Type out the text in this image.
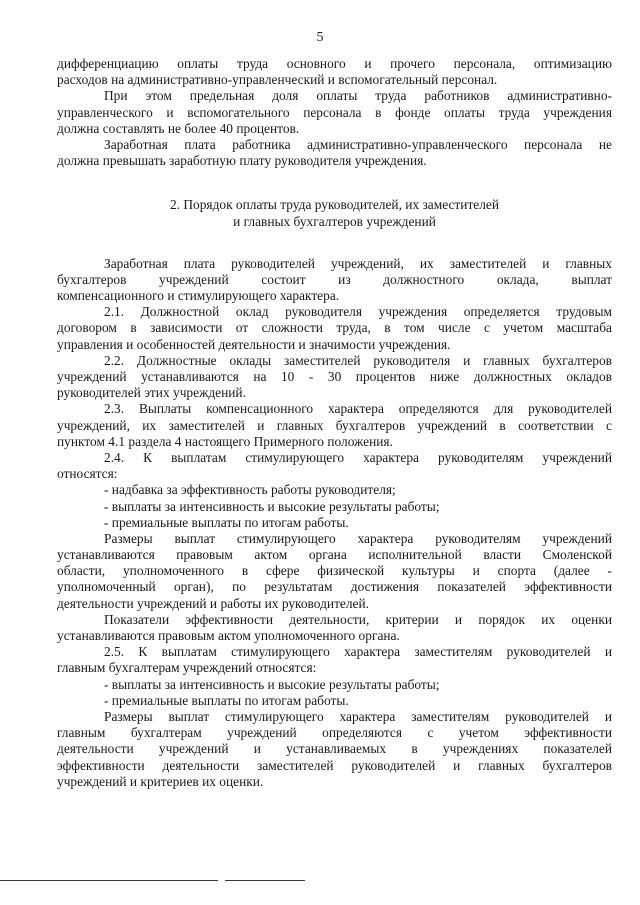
5
дифференциацию оплаты труда основного и прочего персонала, оптимизацию
расходов на административно-управленческий и вспомогательный персонал.
При этом предельная доля оплаты труда работников административно-
управленческого и вспомогательного персонала в фонде оплаты труда учреждения
должна составлять не более 40 процентов.
Заработная плата работника административно-управленческого персонала не
должна превышать заработную плату руководителя учреждения.
2. Порядок оплаты труда руководителей, их заместителей
и главных бухгалтеров учреждений
Заработная плата руководителей учреждений, их заместителей и главных
бухгалтеров учреждений состоит из должностного оклада, выплат
компенсационного и стимулирующего характера.
2.1. Должностной оклад руководителя учреждения определяется трудовым
договором в зависимости от сложности труда, в том числе с учетом масштаба
управления и особенностей деятельности и значимости учреждения.
2.2. Должностные оклады заместителей руководителя и главных бухгалтеров
учреждений устанавливаются на 10 - 30 процентов ниже должностных окладов
руководителей этих учреждений.
2.3. Выплаты компенсационного характера определяются для руководителей
учреждений, их заместителей и главных бухгалтеров учреждений в соответствии с
пунктом 4.1 раздела 4 настоящего Примерного положения.
2.4. К выплатам стимулирующего характера руководителям учреждений
относятся:
- надбавка за эффективность работы руководителя;
- выплаты за интенсивность и высокие результаты работы;
- премиальные выплаты по итогам работы.
Размеры выплат стимулирующего характера руководителям учреждений
устанавливаются правовым актом органа исполнительной власти Смоленской
области, уполномоченного в сфере физической культуры и спорта (далее -
уполномоченный орган), по результатам достижения показателей эффективности
деятельности учреждений и работы их руководителей.
Показатели эффективности деятельности, критерии и порядок их оценки
устанавливаются правовым актом уполномоченного органа.
2.5. К выплатам стимулирующего характера заместителям руководителей и
главным бухгалтерам учреждений относятся:
- выплаты за интенсивность и высокие результаты работы;
- премиальные выплаты по итогам работы.
Размеры выплат стимулирующего характера заместителям руководителей и
главным бухгалтерам учреждений определяются с учетом эффективности
деятельности учреждений и устанавливаемых в учреждениях показателей
эффективности деятельности заместителей руководителей и главных бухгалтеров
учреждений и критериев их оценки.
